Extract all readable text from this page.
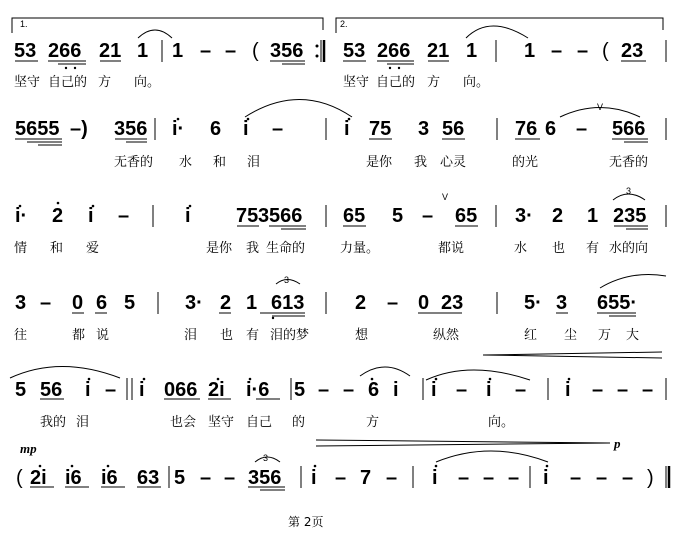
1.	2.
53 266 21 1 1 – – ( 356 53 266 21 1 1 – – ( 23
坚守 自己的 方 向。	坚守 自己的 方 向。
5655 –) 356 i· 6 i –	i 75 3 56	76 6 – 566
V
无香的 水 和 泪	是你 我 心灵	的光	无香的
i· 2 i –	i 75 3 566 65 5 – 65 3· 2 1 235
V
3
情 和 爱	是你 我 生命的	力量。	都说	水 也 有 水的向
3 – 0 6 5 3· 2 1 613	2 – 0 23	5· 3 655·
3
往	都 说	泪 也 有 泪的梦	想	纵然	红 尘 万 大
5 56 i – i 066 2i i·6 5 – – 6 i i – i – i – – –
我的 泪	也会 坚守 自己 的	方	向。
mp	p
( 2i i6 i6 63 5 – – 356 i – 7 – i – – – i – – – )
3
第 2页
